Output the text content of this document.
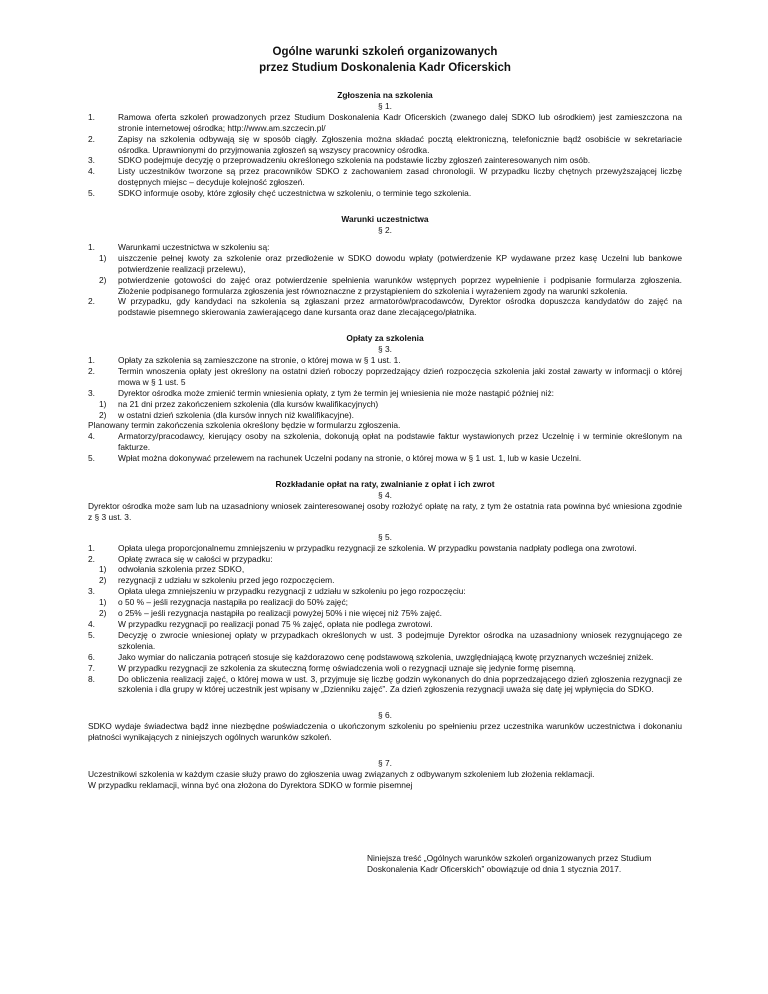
Ogólne warunki szkoleń organizowanych
przez Studium Doskonalenia Kadr Oficerskich
Zgłoszenia na szkolenia
§ 1.
1.	Ramowa oferta szkoleń prowadzonych przez Studium Doskonalenia Kadr Oficerskich (zwanego dalej SDKO lub ośrodkiem) jest zamieszczona na stronie internetowej ośrodka; http://www.am.szczecin.pl/
2.	Zapisy na szkolenia odbywają się w sposób ciągły. Zgłoszenia można składać pocztą elektroniczną, telefonicznie bądź osobiście w sekretariacie ośrodka. Uprawnionymi do przyjmowania zgłoszeń są wszyscy pracownicy ośrodka.
3.	SDKO podejmuje decyzję o przeprowadzeniu określonego szkolenia na podstawie liczby zgłoszeń zainteresowanych nim osób.
4.	Listy uczestników tworzone są przez pracowników SDKO z zachowaniem zasad chronologii. W przypadku liczby chętnych przewyższającej liczbę dostępnych miejsc – decyduje kolejność zgłoszeń.
5.	SDKO informuje osoby, które zgłosiły chęć uczestnictwa w szkoleniu, o terminie tego szkolenia.
Warunki uczestnictwa
§ 2.
1.	Warunkami uczestnictwa w szkoleniu są:
1) uiszczenie pełnej kwoty za szkolenie oraz przedłożenie w SDKO dowodu wpłaty (potwierdzenie KP wydawane przez kasę Uczelni lub bankowe potwierdzenie realizacji przelewu),
2) potwierdzenie gotowości do zajęć oraz potwierdzenie spełnienia warunków wstępnych poprzez wypełnienie i podpisanie formularza zgłoszenia. Złożenie podpisanego formularza zgłoszenia jest równoznaczne z przystąpieniem do szkolenia i wyrażeniem zgody na warunki szkolenia.
2.	W przypadku, gdy kandydaci na szkolenia są zgłaszani przez armatorów/pracodawców, Dyrektor ośrodka dopuszcza kandydatów do zajęć na podstawie pisemnego skierowania zawierającego dane kursanta oraz dane zlecającego/płatnika.
Opłaty za szkolenia
§ 3.
1.	Opłaty za szkolenia są zamieszczone na stronie, o której mowa w § 1 ust. 1.
2.	Termin wnoszenia opłaty jest określony na ostatni dzień roboczy poprzedzający dzień rozpoczęcia szkolenia jaki został zawarty w informacji o której mowa w § 1 ust. 5
3.	Dyrektor ośrodka może zmienić termin wniesienia opłaty, z tym że termin jej wniesienia nie może nastąpić później niż:
1) na 21 dni przez zakończeniem szkolenia (dla kursów kwalifikacyjnych)
2) w ostatni dzień szkolenia (dla kursów innych niż kwalifikacyjne).
Planowany termin zakończenia szkolenia określony będzie w formularzu zgłoszenia.
4.	Armatorzy/pracodawcy, kierujący osoby na szkolenia, dokonują opłat na podstawie faktur wystawionych przez Uczelnię i w terminie określonym na fakturze.
5.	Wpłat można dokonywać przelewem na rachunek Uczelni podany na stronie, o której mowa w § 1 ust. 1, lub w kasie Uczelni.
Rozkładanie opłat na raty, zwalnianie z opłat i ich zwrot
§ 4.
Dyrektor ośrodka może sam lub na uzasadniony wniosek zainteresowanej osoby rozłożyć opłatę na raty, z tym że ostatnia rata powinna być wniesiona zgodnie z § 3 ust. 3.
§ 5.
1.	Opłata ulega proporcjonalnemu zmniejszeniu w przypadku rezygnacji ze szkolenia. W przypadku powstania nadpłaty podlega ona zwrotowi.
2.	Opłatę zwraca się w całości w przypadku:
1) odwołania szkolenia przez SDKO,
2) rezygnacji z udziału w szkoleniu przed jego rozpoczęciem.
3.	Opłata ulega zmniejszeniu w przypadku rezygnacji z udziału w szkoleniu po jego rozpoczęciu:
1) o 50 % – jeśli rezygnacja nastąpiła po realizacji do 50% zajęć;
2) o 25% – jeśli rezygnacja nastąpiła po realizacji powyżej 50% i nie więcej niż 75% zajęć.
4.	W przypadku rezygnacji po realizacji ponad 75 % zajęć, opłata nie podlega zwrotowi.
5.	Decyzję o zwrocie wniesionej opłaty w przypadkach określonych w ust. 3 podejmuje Dyrektor ośrodka na uzasadniony wniosek rezygnującego ze szkolenia.
6.	Jako wymiar do naliczania potrąceń stosuje się każdorazowo cenę podstawową szkolenia, uwzględniającą kwotę przyznanych wcześniej zniżek.
7.	W przypadku rezygnacji ze szkolenia za skuteczną formę oświadczenia woli o rezygnacji uznaje się jedynie formę pisemną.
8.	Do obliczenia realizacji zajęć, o której mowa w ust. 3, przyjmuje się liczbę godzin wykonanych do dnia poprzedzającego dzień zgłoszenia rezygnacji ze szkolenia i dla grupy w której uczestnik jest wpisany w „Dzienniku zajęć”. Za dzień zgłoszenia rezygnacji uważa się datę jej wpłynięcia do SDKO.
§ 6.
SDKO wydaje świadectwa bądź inne niezbędne poświadczenia o ukończonym szkoleniu po spełnieniu przez uczestnika warunków uczestnictwa i dokonaniu płatności wynikających z niniejszych ogólnych warunków szkoleń.
§ 7.
Uczestnikowi szkolenia w każdym czasie służy prawo do zgłoszenia uwag związanych z odbywanym szkoleniem lub złożenia reklamacji.
W przypadku reklamacji, winna być ona złożona do Dyrektora SDKO w formie pisemnej
Niniejsza treść „Ogólnych warunków szkoleń organizowanych przez Studium Doskonalenia Kadr Oficerskich” obowiązuje od dnia 1 stycznia 2017.
